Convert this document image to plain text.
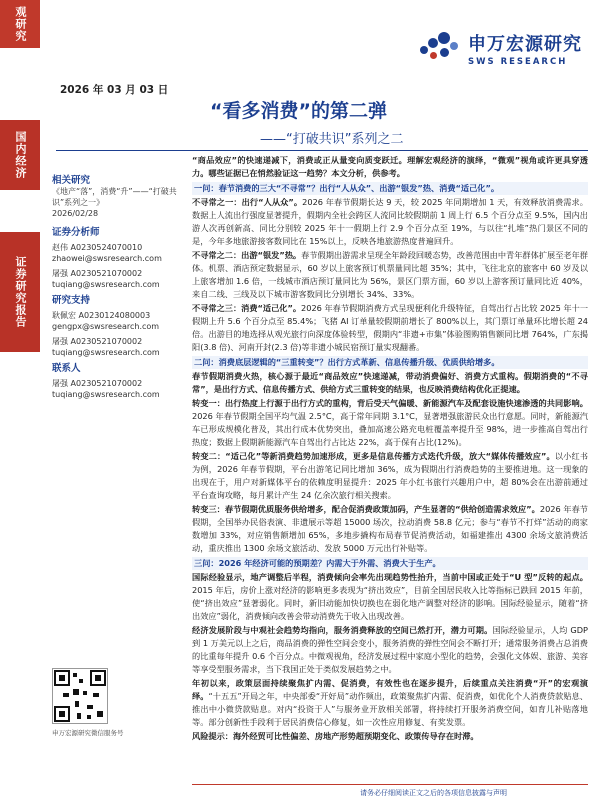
观研究
国内经济
证券研究报告
申万宏源研究
SWS RESEARCH
2026 年 03 月 03 日
“看多消费”的第二弹
——“打破共识”系列之二
相关研究
《地产“落”，消费“升”——“打破共识”系列之一》
2026/02/28
证券分析师
赵伟 A0230524070010
zhaowei@swsresearch.com
屠强 A0230521070002
tuqiang@swsresearch.com
研究支持
耿佩宏 A0230124080003
gengpx@swsresearch.com
屠强 A0230521070002
tuqiang@swsresearch.com
联系人
屠强 A0230521070002
tuqiang@swsresearch.com
申万宏源研究微信服务号

“商品效应”的快速递减下，消费或正从量变向质变跃迁。理解宏观经济的演绎，“微观”视角或许更具穿透力。哪些证据已在悄然验证这一趋势？本文分析，供参考。

一问：春节消费的三大“不寻常”？出行“人从众”、出游“银发”热、消费“适己化”。

不寻常之一：出行“人从众”。2026 年春节假期长达 9 天，较 2025 年同期增加 1 天，有效释放消费需求。数据上人流出行强度显著提升，假期内全社会跨区人流同比较假期前 1 周上行 6.5 个百分点至 9.5%，国内出游人次再创新高、同比分别较 2025 年十一假期上行 2.9 个百分点至 19%，与以往“扎堆”热门景区不同的是，今年多地旅游接客数同比在 15%以上，反映各地旅游热度普遍回升。

不寻常之二：出游“银发”热。春节假期出游需求呈现全年龄段回暖态势，改善范围由中青年群体扩展至老年群体。机票、酒店预定数据显示，60 岁以上旅客预订机票量同比超 35%；其中，飞往北京的旅客中 60 岁及以上旅客增加 1.6 倍，一线城市酒店预订量同比为 56%，景区门票方面，60 岁以上游客预订量同比近 40%，来自二线、三线及以下城市游客数同比分别增长 34%、33%。

不寻常之三：消费“适己化”。2026 年春节假期消费方式呈现便利化升级特征，自驾出行占比较 2025 年十一假期上升 5.6 个百分点至 85.4%；飞猪 AI 订单量较假期前增长了 800%以上，其门票订单量环比增长超 24 倍。出游目的地选择从观光旅行向深度体验转型，假期内“非遗+市集”体验图购销售额同比增 764%，广东揭阳(3.8 倍)、河南开封(2.3 倍)等非遗小城民宿预订量实现翻番。

二问：消费底层逻辑的“三重转变”？出行方式革新、信息传播升级、优质供给增多。

春节假期消费火热，核心源于最近“商品效应”快速递减，带动消费偏好、消费方式重构。假期消费的“不寻常”，是出行方式、信息传播方式、供给方式三重转变的结果，也反映消费结构优化正提速。

转变一：出行热度上行源于出行方式的重构，背后受天气偏暖、新能源汽车及配套设施快速渗透的共同影响。2026 年春节假期全国平均气温 2.5°C，高于常年同期 3.1°C，显著增强旅游民众出行意愿。同时，新能源汽车已形成规模化普及，其出行成本优势突出，叠加高速公路充电桩覆盖率提升至 98%，进一步推高自驾出行热度；数据上假期新能源汽车自驾出行占比达 22%，高于保有占比(12%)。

转变二：“适己化”等新消费趋势加速形成，更多是信息传播方式迭代升级，放大“媒体传播效应”。以小红书为例，2026 年春节假期，平台出游笔记同比增加 36%，成为假期出行消费趋势的主要推进地。这一现象的出现在于，用户对新媒体平台的依赖度明显提升：2025 年小红书旅行兴趣用户中，超 80%会在出游前通过平台查询攻略，每月累计产生 24 亿余次旅行相关搜索。

转变三：春节假期优质服务供给增多，配合促消费政策加码，产生显著的“供给创造需求效应”。2026 年春节假期，全国举办民俗表演、非遗展示等超 15000 场次，拉动消费 58.8 亿元；参与“春节不打烊”活动的商家数增加 33%，对应销售额增加 65%，多地步撬构布局春节促消费活动，如福建推出 4300 余场文旅消费活动，重庆推出 1300 余场文旅活动、发放 5000 万元出行补贴等。

三问：2026 年经济可能的预期差？内需大于外需、消费大于生产。

国际经验显示，地产调整后半程，消费倾向会率先出现趋势性抬升，当前中国或正处于“U 型”反转的起点。2015 年后，房价上涨对经济的影响更多表现为“挤出效应”，目前全国居民收入比等指标已跌回 2015 年前，使“挤出效应”显著弱化。同时，新旧动能加快切换也在弱化地产调整对经济的影响。国际经验显示，随着“挤出效应”弱化，消费倾向改善会带动消费先于收入出现改善。

经济发展阶段与中观社会趋势均指向，服务消费释放的空间已然打开，潜力可期。国际经验显示，人均 GDP 到 1 万美元以上之后，商品消费的弹性空间会变小，服务消费的弹性空间会不断打开；通常服务消费占总消费的比重每年提升 0.6 个百分点。中微观视角，经济发展过程中家庭小型化的趋势，会强化文体娱、旅游、美容等享受型服务需求，当下我国正处于类似发展趋势之中。

年初以来，政策层面持续聚焦扩内需、促消费，有效性也在逐步提升，后续重点关注消费“开”的宏观演绎。“十五五”开局之年，中央部委“开好局”动作频出，政策聚焦扩内需、促消费，如优化个人消费贷款贴息、推出中小微贷款贴息。对内“投资于人”与服务业开放相关部署，将持续打开服务消费空间，如育儿补贴落地等。部分创新性手段利于居民消费信心修复，如一次性应用修复、有奖发票。

风险提示：海外经贸可比性偏差、房地产形势超预期变化、政策传导存在时滞。

请务必仔细阅读正文之后的各项信息披露与声明
